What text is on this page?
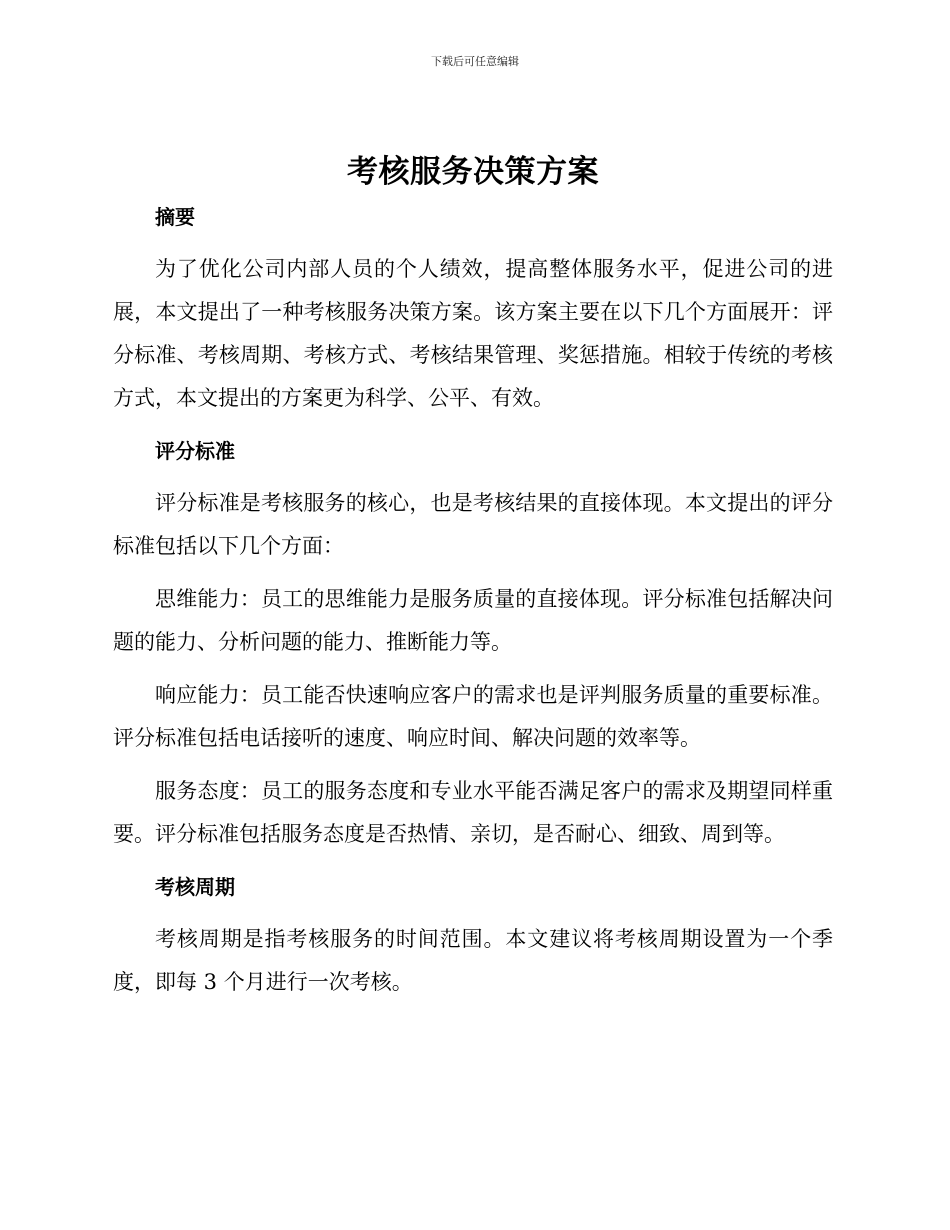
下载后可任意编辑
考核服务决策方案
摘要

为了优化公司内部人员的个人绩效，提高整体服务水平，促进公司的进展，本文提出了一种考核服务决策方案。该方案主要在以下几个方面展开：评分标准、考核周期、考核方式、考核结果管理、奖惩措施。相较于传统的考核方式，本文提出的方案更为科学、公平、有效。

评分标准

评分标准是考核服务的核心，也是考核结果的直接体现。本文提出的评分标准包括以下几个方面：

思维能力：员工的思维能力是服务质量的直接体现。评分标准包括解决问题的能力、分析问题的能力、推断能力等。

响应能力：员工能否快速响应客户的需求也是评判服务质量的重要标准。评分标准包括电话接听的速度、响应时间、解决问题的效率等。

服务态度：员工的服务态度和专业水平能否满足客户的需求及期望同样重要。评分标准包括服务态度是否热情、亲切，是否耐心、细致、周到等。

考核周期

考核周期是指考核服务的时间范围。本文建议将考核周期设置为一个季度，即每 3 个月进行一次考核。
